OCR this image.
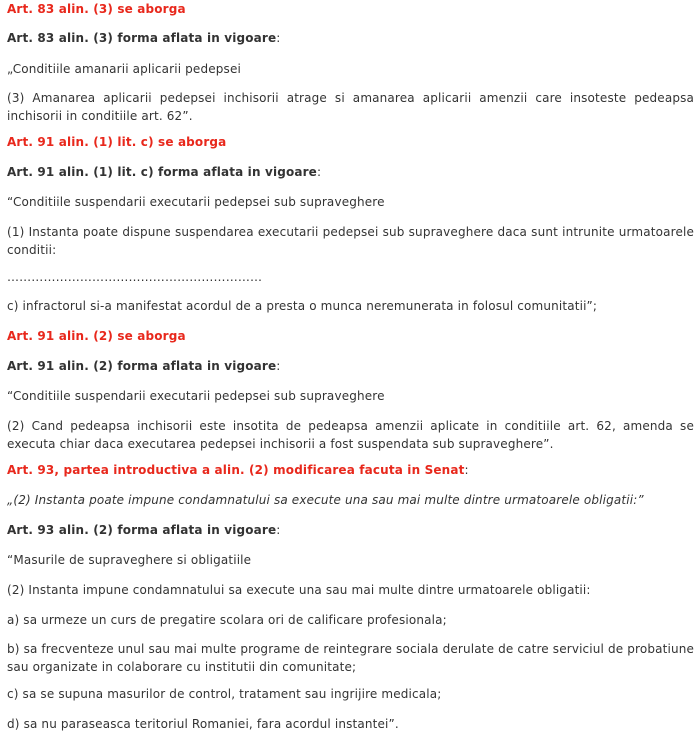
Art. 83 alin. (3) se aborga

Art. 83 alin. (3) forma aflata in vigoare:

„Conditiile amanarii aplicarii pedepsei

(3) Amanarea aplicarii pedepsei inchisorii atrage si amanarea aplicarii amenzii care insoteste pedeapsa inchisorii in conditiile art. 62”.

Art. 91 alin. (1) lit. c) se aborga

Art. 91 alin. (1) lit. c) forma aflata in vigoare:

“Conditiile suspendarii executarii pedepsei sub supraveghere

(1) Instanta poate dispune suspendarea executarii pedepsei sub supraveghere daca sunt intrunite urmatoarele conditii:

………………………………………………………

c) infractorul si-a manifestat acordul de a presta o munca neremunerata in folosul comunitatii”;

Art. 91 alin. (2) se aborga

Art. 91 alin. (2) forma aflata in vigoare:

“Conditiile suspendarii executarii pedepsei sub supraveghere

(2) Cand pedeapsa inchisorii este insotita de pedeapsa amenzii aplicate in conditiile art. 62, amenda se executa chiar daca executarea pedepsei inchisorii a fost suspendata sub supraveghere”.

Art. 93, partea introductiva a alin. (2) modificarea facuta in Senat:

„(2) Instanta poate impune condamnatului sa execute una sau mai multe dintre urmatoarele obligatii:”

Art. 93 alin. (2) forma aflata in vigoare:

“Masurile de supraveghere si obligatiile

(2) Instanta impune condamnatului sa execute una sau mai multe dintre urmatoarele obligatii:

a) sa urmeze un curs de pregatire scolara ori de calificare profesionala;

b) sa frecventeze unul sau mai multe programe de reintegrare sociala derulate de catre serviciul de probatiune sau organizate in colaborare cu institutii din comunitate;

c) sa se supuna masurilor de control, tratament sau ingrijire medicala;

d) sa nu paraseasca teritoriul Romaniei, fara acordul instantei”.
